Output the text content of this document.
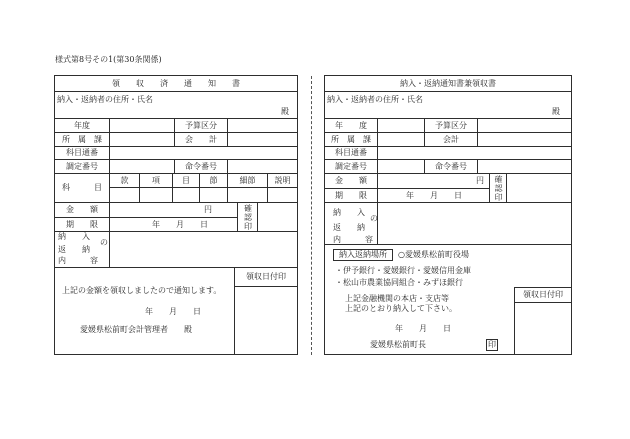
様式第8号その1(第30条関係)
領　収　済　通　知　書
納入・返納者の住所・氏名
殿
年度	予算区分
所　属　課	会　　計
科目通番
調定番号	命令番号
科　　　目
款	項	目	節	細節	説明
金　　額	円	確認印
期　　限	年　　月　　日
納　　入
の
返　　納
内　　　容
上記の金額を領収しましたので通知します。
年　　月　　日
愛媛県松前町会計管理者　　殿
領収日付印
納入・返納通知書兼領収書
納入・返納者の住所・氏名
殿
年　　度	予算区分
所　属　課	会計
科目通番
調定番号	命令番号
金　　額	円 確認印
期　　限	年　　月　　日
納　　入
の
返　　納
内　　　容
納入返納場所	○愛媛県松前町役場
・伊予銀行・愛媛銀行・愛媛信用金庫
・松山市農業協同組合・みずほ銀行
上記金融機関の本店・支店等
上記のとおり納入して下さい。
年　　月　　日
愛媛県松前町長	印
領収日付印
